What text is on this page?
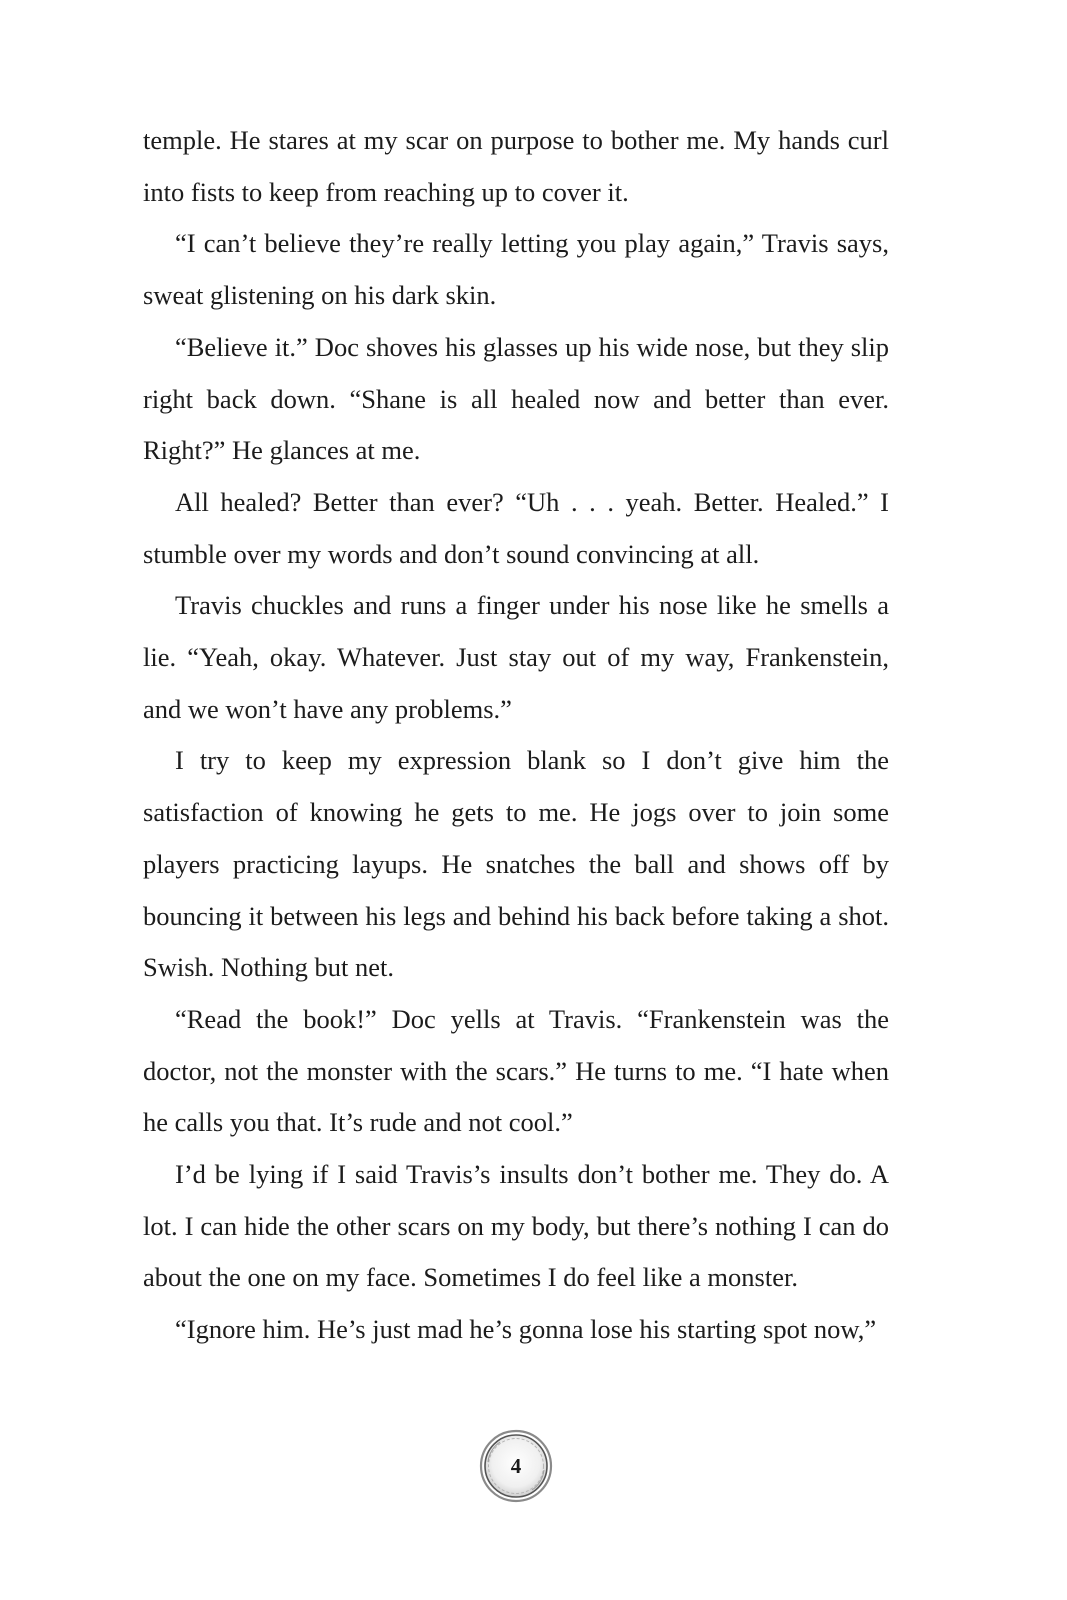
temple. He stares at my scar on purpose to bother me. My hands curl into fists to keep from reaching up to cover it.

“I can’t believe they’re really letting you play again,” Travis says, sweat glistening on his dark skin.

“Believe it.” Doc shoves his glasses up his wide nose, but they slip right back down. “Shane is all healed now and better than ever. Right?” He glances at me.

All healed? Better than ever? “Uh . . . yeah. Better. Healed.” I stumble over my words and don’t sound convincing at all.

Travis chuckles and runs a finger under his nose like he smells a lie. “Yeah, okay. Whatever. Just stay out of my way, Frankenstein, and we won’t have any problems.”

I try to keep my expression blank so I don’t give him the satisfaction of knowing he gets to me. He jogs over to join some players practicing layups. He snatches the ball and shows off by bouncing it between his legs and behind his back before taking a shot. Swish. Nothing but net.

“Read the book!” Doc yells at Travis. “Frankenstein was the doctor, not the monster with the scars.” He turns to me. “I hate when he calls you that. It’s rude and not cool.”

I’d be lying if I said Travis’s insults don’t bother me. They do. A lot. I can hide the other scars on my body, but there’s nothing I can do about the one on my face. Sometimes I do feel like a monster.

“Ignore him. He’s just mad he’s gonna lose his starting spot now,”

4
